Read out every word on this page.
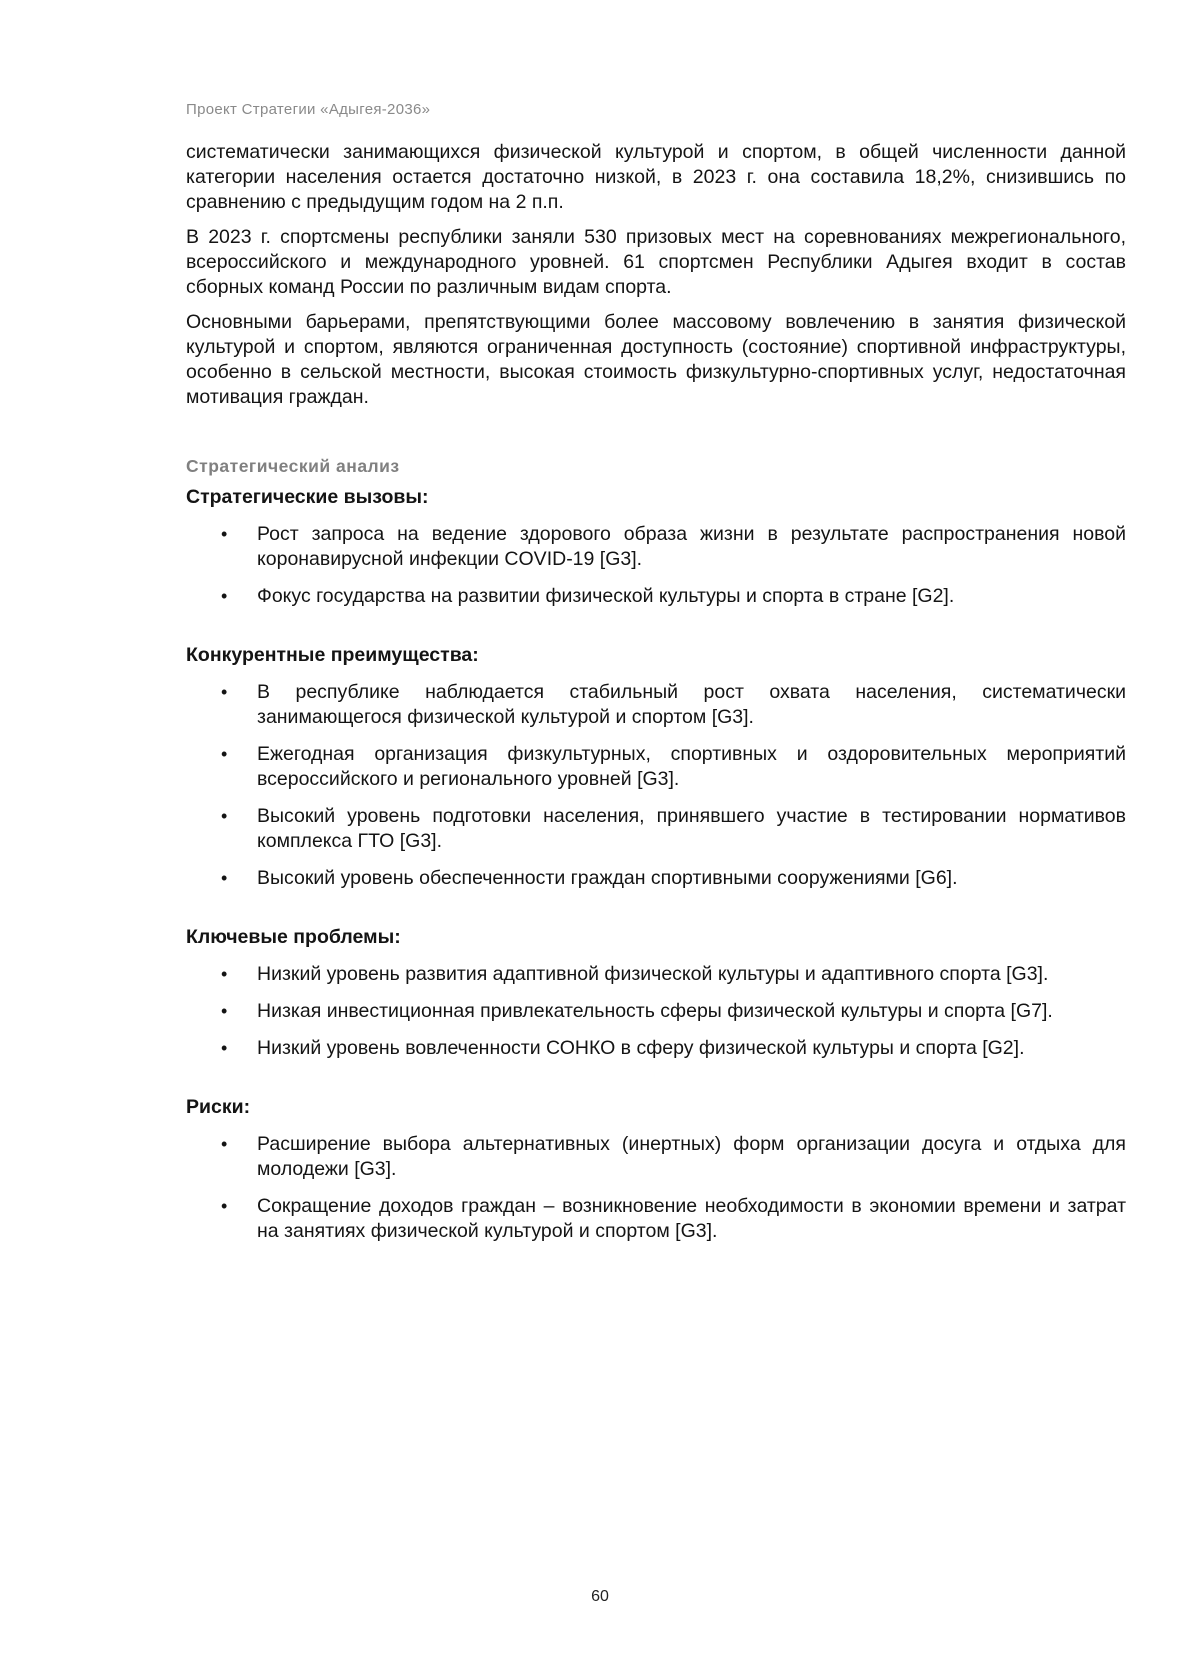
Проект Стратегии «Адыгея-2036»

систематически занимающихся физической культурой и спортом, в общей численности данной категории населения остается достаточно низкой, в 2023 г. она составила 18,2%, снизившись по сравнению с предыдущим годом на 2 п.п.

В 2023 г. спортсмены республики заняли 530 призовых мест на соревнованиях межрегионального, всероссийского и международного уровней. 61 спортсмен Республики Адыгея входит в состав сборных команд России по различным видам спорта.

Основными барьерами, препятствующими более массовому вовлечению в занятия физической культурой и спортом, являются ограниченная доступность (состояние) спортивной инфраструктуры, особенно в сельской местности, высокая стоимость физкультурно-спортивных услуг, недостаточная мотивация граждан.

Стратегический анализ
Стратегические вызовы:
• Рост запроса на ведение здорового образа жизни в результате распространения новой коронавирусной инфекции COVID-19 [G3].
• Фокус государства на развитии физической культуры и спорта в стране [G2].
Конкурентные преимущества:
• В республике наблюдается стабильный рост охвата населения, систематически занимающегося физической культурой и спортом [G3].
• Ежегодная организация физкультурных, спортивных и оздоровительных мероприятий всероссийского и регионального уровней [G3].
• Высокий уровень подготовки населения, принявшего участие в тестировании нормативов комплекса ГТО [G3].
• Высокий уровень обеспеченности граждан спортивными сооружениями [G6].
Ключевые проблемы:
• Низкий уровень развития адаптивной физической культуры и адаптивного спорта [G3].
• Низкая инвестиционная привлекательность сферы физической культуры и спорта [G7].
• Низкий уровень вовлеченности СОНКО в сферу физической культуры и спорта [G2].
Риски:
• Расширение выбора альтернативных (инертных) форм организации досуга и отдыха для молодежи [G3].
• Сокращение доходов граждан – возникновение необходимости в экономии времени и затрат на занятиях физической культурой и спортом [G3].
60
